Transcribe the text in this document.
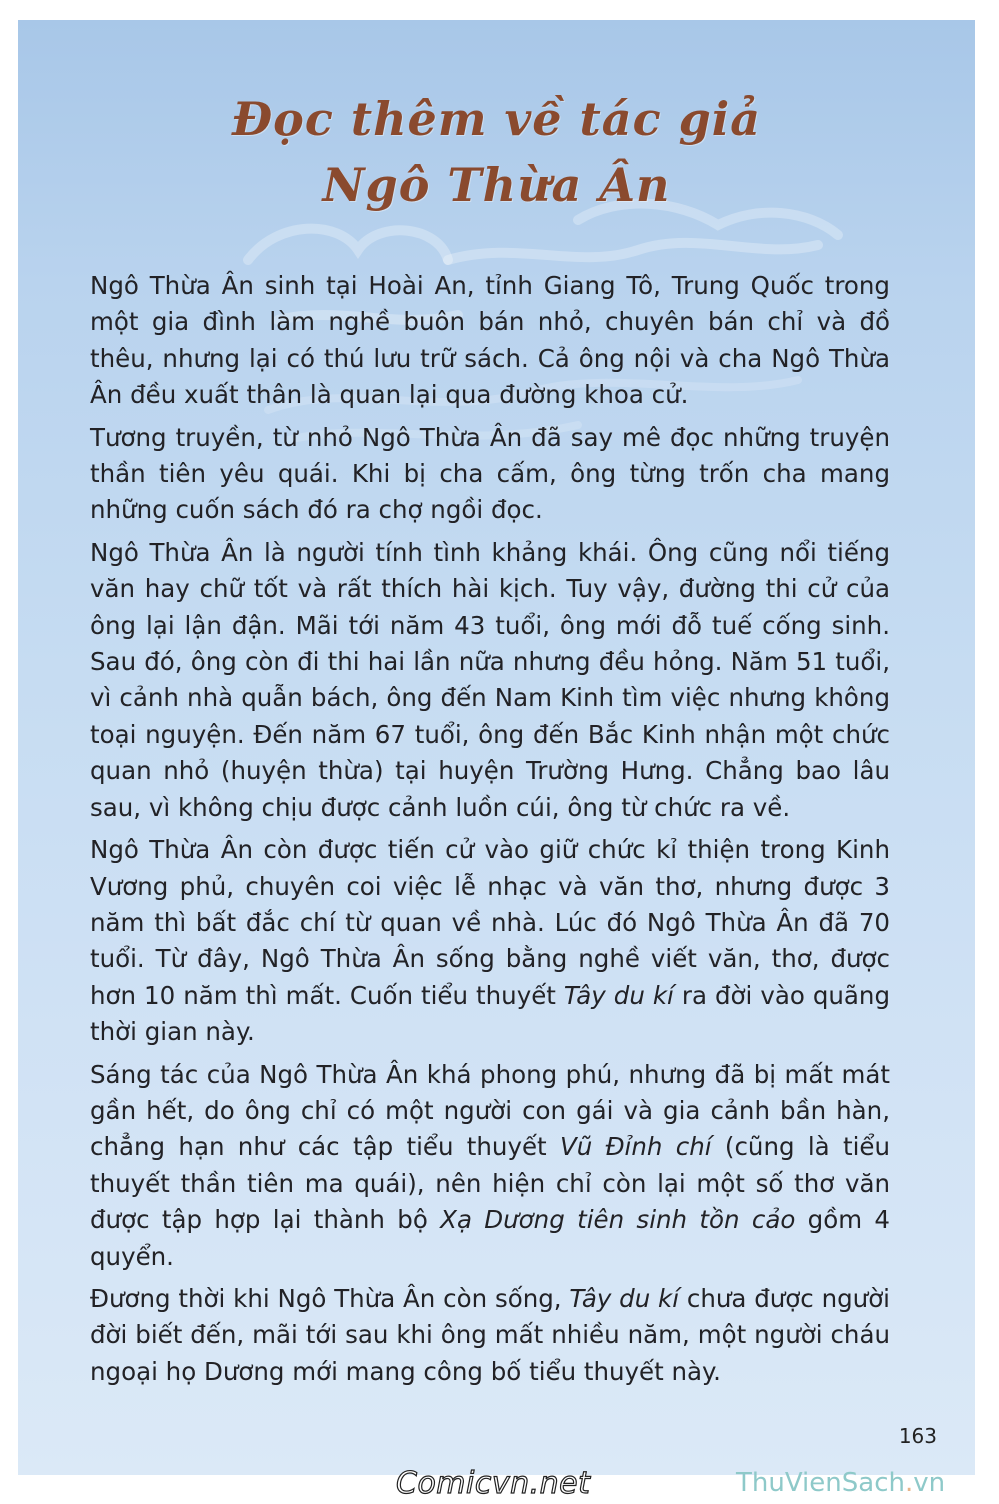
Đọc thêm về tác giả
Ngô Thừa Ân

Ngô Thừa Ân sinh tại Hoài An, tỉnh Giang Tô, Trung Quốc trong một gia đình làm nghề buôn bán nhỏ, chuyên bán chỉ và đồ thêu, nhưng lại có thú lưu trữ sách. Cả ông nội và cha Ngô Thừa Ân đều xuất thân là quan lại qua đường khoa cử.

Tương truyền, từ nhỏ Ngô Thừa Ân đã say mê đọc những truyện thần tiên yêu quái. Khi bị cha cấm, ông từng trốn cha mang những cuốn sách đó ra chợ ngồi đọc.

Ngô Thừa Ân là người tính tình khảng khái. Ông cũng nổi tiếng văn hay chữ tốt và rất thích hài kịch. Tuy vậy, đường thi cử của ông lại lận đận. Mãi tới năm 43 tuổi, ông mới đỗ tuế cống sinh. Sau đó, ông còn đi thi hai lần nữa nhưng đều hỏng. Năm 51 tuổi, vì cảnh nhà quẫn bách, ông đến Nam Kinh tìm việc nhưng không toại nguyện. Đến năm 67 tuổi, ông đến Bắc Kinh nhận một chức quan nhỏ (huyện thừa) tại huyện Trường Hưng. Chẳng bao lâu sau, vì không chịu được cảnh luồn cúi, ông từ chức ra về.

Ngô Thừa Ân còn được tiến cử vào giữ chức kỉ thiện trong Kinh Vương phủ, chuyên coi việc lễ nhạc và văn thơ, nhưng được 3 năm thì bất đắc chí từ quan về nhà. Lúc đó Ngô Thừa Ân đã 70 tuổi. Từ đây, Ngô Thừa Ân sống bằng nghề viết văn, thơ, được hơn 10 năm thì mất. Cuốn tiểu thuyết Tây du kí ra đời vào quãng thời gian này.

Sáng tác của Ngô Thừa Ân khá phong phú, nhưng đã bị mất mát gần hết, do ông chỉ có một người con gái và gia cảnh bần hàn, chẳng hạn như các tập tiểu thuyết Vũ Đỉnh chí (cũng là tiểu thuyết thần tiên ma quái), nên hiện chỉ còn lại một số thơ văn được tập hợp lại thành bộ Xạ Dương tiên sinh tồn cảo gồm 4 quyển.

Đương thời khi Ngô Thừa Ân còn sống, Tây du kí chưa được người đời biết đến, mãi tới sau khi ông mất nhiều năm, một người cháu ngoại họ Dương mới mang công bố tiểu thuyết này.

163
Comicvn.net	ThuVienSach.vn
